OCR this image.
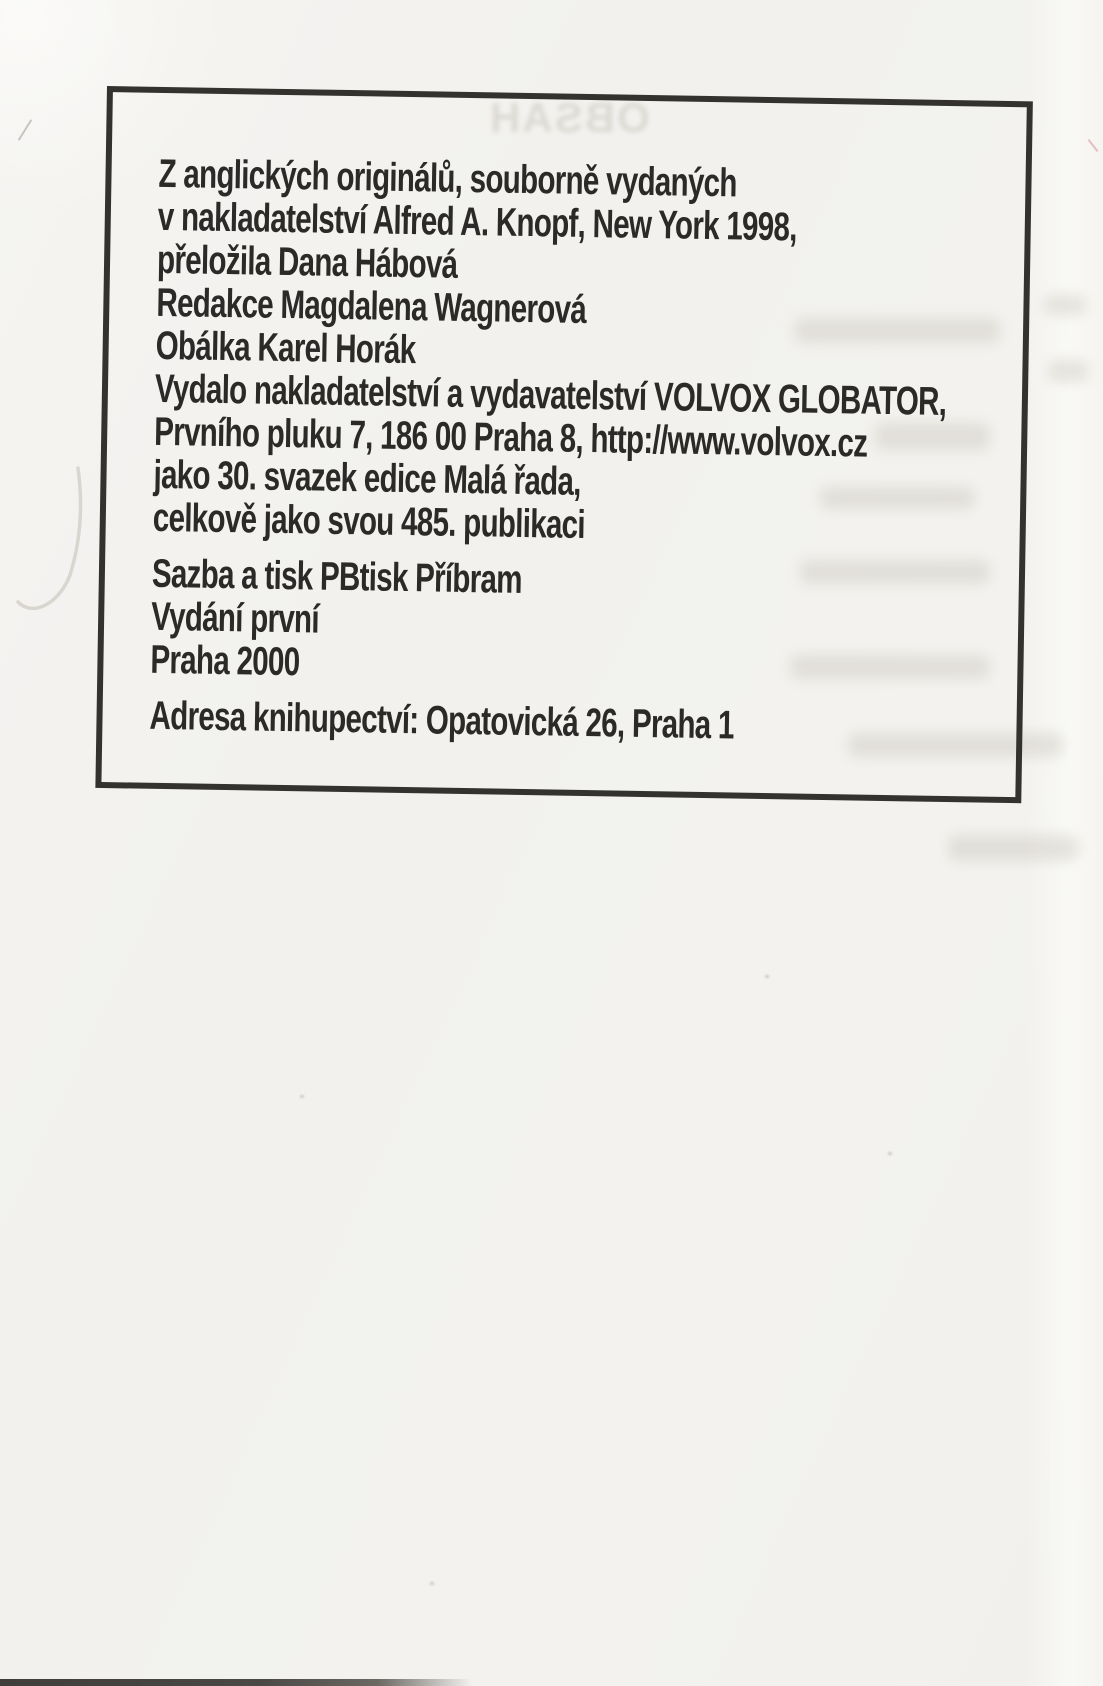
OBSAH
Z anglických originálů, souborně vydaných
v nakladatelství Alfred A. Knopf, New York 1998,
přeložila Dana Hábová
Redakce Magdalena Wagnerová
Obálka Karel Horák
Vydalo nakladatelství a vydavatelství VOLVOX GLOBATOR,
Prvního pluku 7, 186 00 Praha 8, http://www.volvox.cz
jako 30. svazek edice Malá řada,
celkově jako svou 485. publikaci
Sazba a tisk PBtisk Příbram
Vydání první
Praha 2000
Adresa knihupectví: Opatovická 26, Praha 1
